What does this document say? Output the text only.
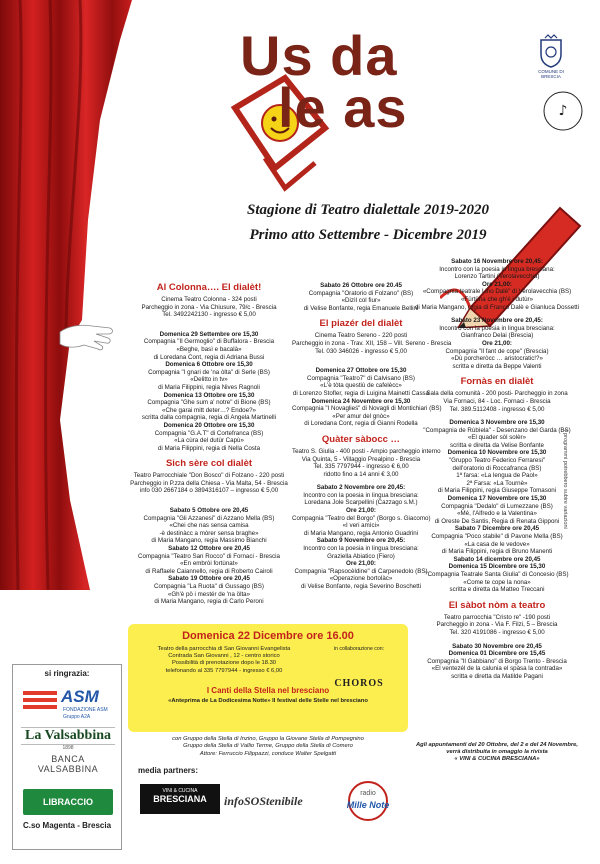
Us da
le as
COMUNE DI BRESCIA
♪
Stagione di Teatro dialettale 2019-2020
Primo atto Settembre - Dicembre 2019
I programmi potrebbero subire variazioni
Al Colonna…. El dialèt!
Cinema Teatro Colonna - 324 posti
Parcheggio in zona - Via Chiusure, 79/c - Brescia
Tel. 3492242130 - ingresso € 5,00
Domenica 29 Settembre ore 15,30
Compagnia "Il Germoglio" di Buffalora - Brescia
«Beghe, basì e bacalà»
di Loredana Cont, regia di Adriana Bussi
Domenica 6 Ottobre ore 15,30
Compagnia "I gnari de 'na òlta" di Serle (BS)
«Delitto in tv»
di Maria Filippini, regia Nives Ragnoli
Domenica 13 Ottobre ore 15,30
Compagnia "Ghe sum a' notre" di Bione (BS)
«Che garai mitt deter…? Endoe?»
scritta dalla compagnia, regia di Angela Martinelli
Domenica 20 Ottobre ore 15,30
Compagnia "G.A.T" di Cortefranca (BS)
«La cùra del dutùr Capù»
di Maria Filippini, regia di Nella Costa
Sich sère col dialèt
Teatro Parrocchiale "Don Bosco" di Folzano - 220 posti
Parcheggio in P.zza della Chiesa - Via Malta, 54 - Brescia
info 030 2667184 o 3894316107 – ingresso € 5,00
Sabato 5 Ottobre ore 20,45
Compagnia "Gli Azzanesi" di Azzano Mella (BS)
«Chei che nas sensa camisa
-è destinàcc a mòrer sensa braghe»
di Maria Mangano, regia Massimo Bianchi
Sabato 12 Ottobre ore 20,45
Compagnia "Teatro San Rocco" di Fornaci - Brescia
«En embròi fortùnat»
di Raffaele Caiannello, regia di Roberto Cairoli
Sabato 19 Ottobre ore 20,45
Compagnia "La Ruota" di Gussago (BS)
«Gh'è pö i mestér de 'na ölta»
di Maria Mangano, regia di Carlo Peroni
Sabato 26 Ottobre ore 20.45
Compagnia "Oratorio di Folzano" (BS)
«Dizìl col fiur»
di Velise Bonfante, regia Emanuele Bellini
El piazér del dialèt
Cinema Teatro Sereno - 220 posti
Parcheggio in zona - Trav. XII, 158 – Vill. Sereno - Brescia
Tel. 030 346026 - ingresso € 5,00
Domenica 27 Ottobre ore 15,30
Compagnia "Teatro7" di Calvisano (BS)
«L'è tòta questiù de cafelècc»
di Lorenzo Stofler, regia di Luigina Mainetti Cassa
Domenica 24 Novembre ore 15,30
Compagnia "I Novaglieś" di Novagli di Montichiari (BS)
«Per amur del gnòc»
di Loredana Cont, regia di Gianni Rodella
Quàter sàbocc …
Teatro S. Giulia - 400 posti - Ampio parcheggio interno
Via Quinta, 5 - Villaggio Prealpino - Brescia
Tel. 335 7797944 - ingresso € 6,00
ridotto fino a 14 anni € 3,00
Sabato 2 Novembre ore 20,45:
Incontro con la poesia in lingua bresciana:
Loredana Jole Scarpellini (Cazzago s.M.)
Ore 21,00:
Compagnia "Teatro del Borgo" (Borgo s. Giacomo)
«I veri amìci»
di Maria Mangano, regia Antonio Guadrini
Sabato 9 Novembre ore 20,45:
Incontro con la poesia in lingua bresciana:
Graziella Abiatico (Fiero)
Ore 21,00:
Compagnia "Rapsocèldine" di Carpenedolo (BS)
«Operazione bortolàc»
di Velise Bonfante, regia Severino Boschetti
Sabato 16 Novembre ore 20,45:
Incontro con la poesia in lingua bresciana:
Lorenzo Tartini (Verolavecchia)
Ore 21,00:
«Compagnia teatrale Lino Dalè" di Verolavecchia (BS)
«Fürtüna che gh'é i dutùr»
di Maria Mangano, regia di Franco Dalè e Gianluca Dossetti
Sabato 23 Novembre ore 20,45:
Incontro con la poesia in lingua bresciana:
Gianfranco Delai (Brescia)
Ore 21,00:
Compagnia "Il fant de cope" (Brescia)
«Dù porcheròcc … aristocratic!?»
scritta e diretta da Beppe Valenti
Fornàs en dialèt
Sala della comunità - 200 posti- Parcheggio in zona
Via Fornaci, 84 - Loc. Fornaci - Brescia
Tel. 389.5112408 - ingresso € 5,00
Domenica 3 Novembre ore 15,30
"Compagnia de Rùbìela" - Desenzano del Garda (BS)
«El quader sòl solèr»
scritta e diretta da Velise Bonfante
Domenica 10 Novembre ore 15,30
"Gruppo Teatro Federico Ferraresi"
dell'oratorio di Roccafranca (BS)
1ª farsa: «La lengua de Paol»
2ª Farsa: «La Tournè»
di Maria Filippini, regia Giuseppe Tomasoni
Domenica 17 Novembre ore 15,30
Compagnia "Dedalo" di Lumezzane (BS)
«Mé, l'Alfredo e la Valentina»
di Oreste De Santis, Regia di Renata Gipponi
Sabato 7 Dicembre ore 20,45
Compagnia "Poco stabile" di Pavone Mella (BS)
«La casa de le vedove»
di Maria Filippini, regia di Bruno Manenti
Sabato 14 dicembre ore 20,45
Domenica 15 Dicembre ore 15,30
"Compagnia Teatrale Santa Giulia" di Concesio (BS)
«Come te cope la nona»
scritta e diretta da Matteo Treccani
El sàbot nòm a teatro
Teatro parrocchia "Cristo re" -190 posti
Parcheggio in zona - Via F. Filzi, 5 – Brescia
Tel. 320 4191086 - ingresso € 5,00
Sabato 30 Novembre ore 20,45
Domenica 01 Dicembre ore 15,45
Compagnia "Il Gabbiano" di Borgo Trento - Brescia
«El ventezél de la calunia el spàsa la contrada»
scritta e diretta da Matilde Pagani
Agli appuntamenti del 20 Ottobre, del 2 e del 24 Novembre,
verrà distribuita in omaggio la rivista
« VINI & CUCINA BRESCIANA»
Domenica 22 Dicembre ore 16.00
Teatro della parrocchia di San Giovanni Evangelista
Contrada San Giovanni , 12 - centro storico
Possibilità di prenotazione dopo le 18.30
telefonando al 335 7797944 - ingresso € 6,00
in collaborazione con:
CHOROS
I Canti della Stella nel bresciano
«Anteprima de La Dodicesima Notte» II festival delle Stelle nel bresciano
con Gruppo della Stella di Inzino, Gruppo la Giovane Stella di Pompegnino
Gruppo della Stella di Vallio Terme, Gruppo della Stella di Comero
Attore: Ferruccio Filippazzi, conduce Walter Spelgatti
si ringrazia:
ASM
FONDAZIONE ASM
Gruppo A2A
La Valsabbina
1898
BANCA VALSABBINA
LIBRACCIO
C.so Magenta - Brescia
media partners:
VINI & CUCINA
BRESCIANA	infoSOStenibile
radio
Mille Note
